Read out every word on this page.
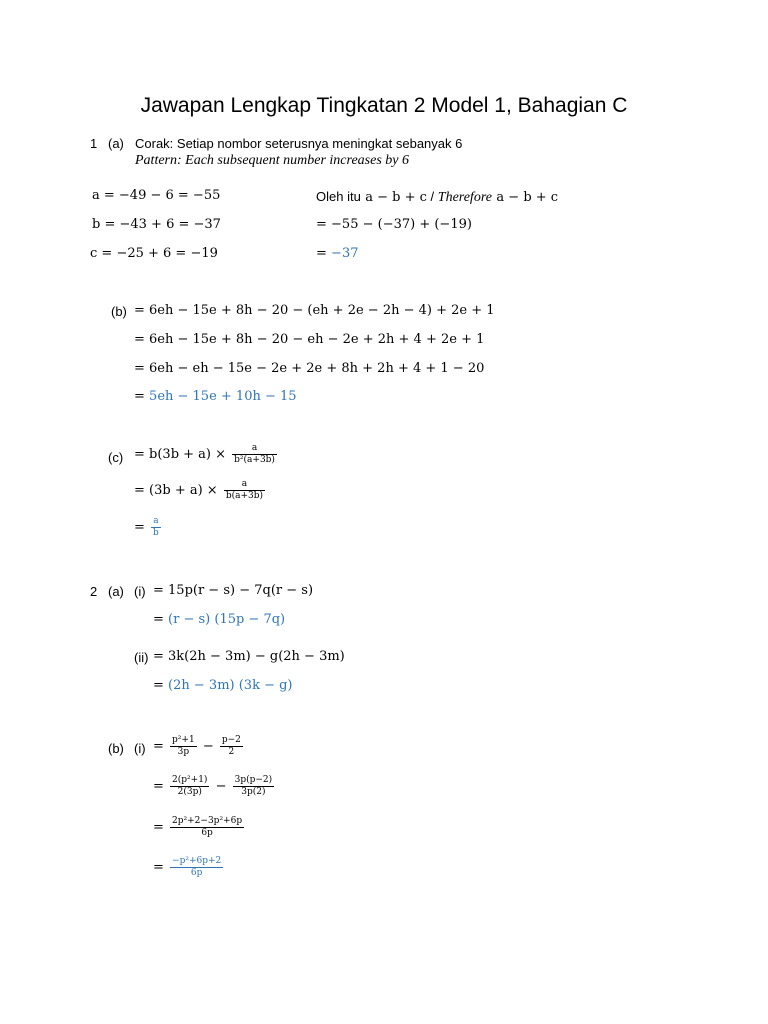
Jawapan Lengkap Tingkatan 2 Model 1, Bahagian C
1 (a) Corak: Setiap nombor seterusnya meningkat sebanyak 6
Pattern: Each subsequent number increases by 6
a = −49 − 6 = −55
b = −43 + 6 = −37
c = −25 + 6 = −19
Oleh itu a − b + c / Therefore a − b + c
= −55 − (−37) + (−19)
= −37
(b) = 6eh − 15e + 8h − 20 − (eh + 2e − 2h − 4) + 2e + 1
= 6eh − 15e + 8h − 20 − eh − 2e + 2h + 4 + 2e + 1
= 6eh − eh − 15e − 2e + 2e + 8h + 2h + 4 + 1 − 20
= 5eh − 15e + 10h − 15
$(c) = b(3b + a) \times \frac{a}{\text{b²(a+3b)}}$
= $(3b + a) \times \frac{a}{b(a+3b)}$
= $\frac{a}{b}$
2 (a) (i) = 15p(r − s) − 7q(r − s)
= (r − s) (15p − 7q)
(ii) = 3k(2h − 3m) − g(2h − 3m)
= (2h − 3m) (3k − g)
(b) $(i) = \frac{\text{p²+1}}{3p} - \frac{p-2}{2}$
= $\frac{\text{2(p²+1)}}{2(3p)} - \frac{3p(p-2)}{3p(2)}$
= $\frac{\text{2p²+2−3p²+6p}}{6p}$
= $\frac{\text{−p²+6p+2}}{6p}$
